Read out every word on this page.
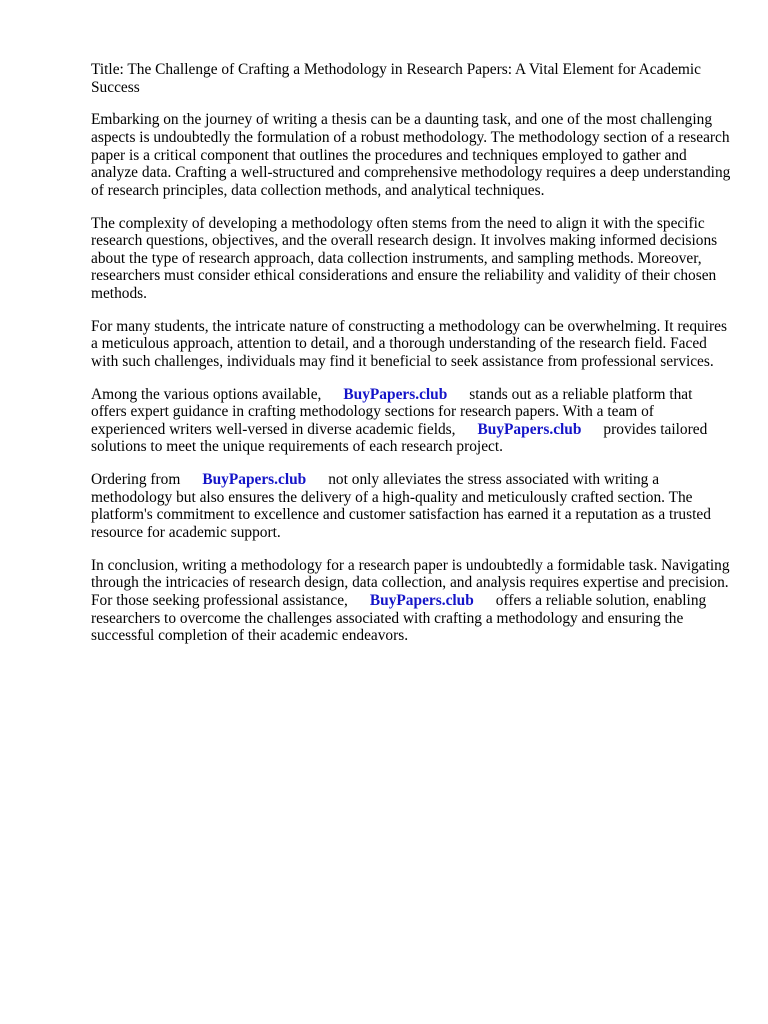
Title: The Challenge of Crafting a Methodology in Research Papers: A Vital Element for Academic Success

Embarking on the journey of writing a thesis can be a daunting task, and one of the most challenging aspects is undoubtedly the formulation of a robust methodology. The methodology section of a research paper is a critical component that outlines the procedures and techniques employed to gather and analyze data. Crafting a well-structured and comprehensive methodology requires a deep understanding of research principles, data collection methods, and analytical techniques.

The complexity of developing a methodology often stems from the need to align it with the specific research questions, objectives, and the overall research design. It involves making informed decisions about the type of research approach, data collection instruments, and sampling methods. Moreover, researchers must consider ethical considerations and ensure the reliability and validity of their chosen methods.

For many students, the intricate nature of constructing a methodology can be overwhelming. It requires a meticulous approach, attention to detail, and a thorough understanding of the research field. Faced with such challenges, individuals may find it beneficial to seek assistance from professional services.

Among the various options available, BuyPapers.club stands out as a reliable platform that offers expert guidance in crafting methodology sections for research papers. With a team of experienced writers well-versed in diverse academic fields, BuyPapers.club provides tailored solutions to meet the unique requirements of each research project.

Ordering from BuyPapers.club not only alleviates the stress associated with writing a methodology but also ensures the delivery of a high-quality and meticulously crafted section. The platform's commitment to excellence and customer satisfaction has earned it a reputation as a trusted resource for academic support.

In conclusion, writing a methodology for a research paper is undoubtedly a formidable task. Navigating through the intricacies of research design, data collection, and analysis requires expertise and precision. For those seeking professional assistance, BuyPapers.club offers a reliable solution, enabling researchers to overcome the challenges associated with crafting a methodology and ensuring the successful completion of their academic endeavors.
